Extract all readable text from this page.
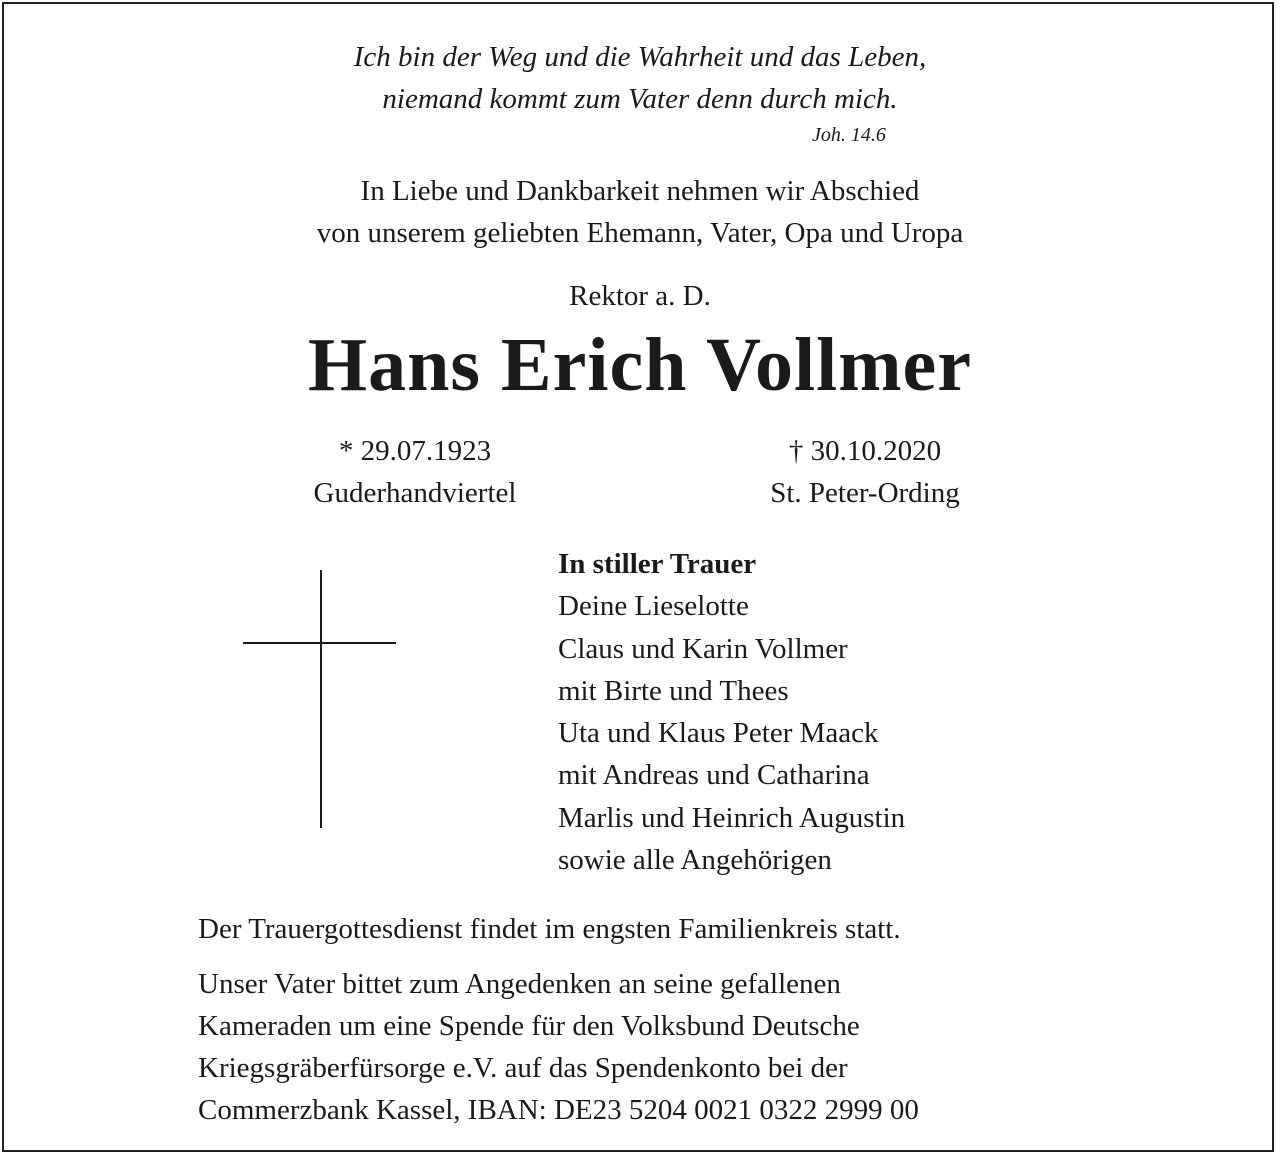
Ich bin der Weg und die Wahrheit und das Leben,
niemand kommt zum Vater denn durch mich.
Joh. 14.6
In Liebe und Dankbarkeit nehmen wir Abschied
von unserem geliebten Ehemann, Vater, Opa und Uropa
Rektor a. D.
Hans Erich Vollmer
* 29.07.1923
Guderhandviertel
† 30.10.2020
St. Peter-Ording
In stiller Trauer
Deine Lieselotte
Claus und Karin Vollmer
mit Birte und Thees
Uta und Klaus Peter Maack
mit Andreas und Catharina
Marlis und Heinrich Augustin
sowie alle Angehörigen
Der Trauergottesdienst findet im engsten Familienkreis statt.
Unser Vater bittet zum Angedenken an seine gefallenen
Kameraden um eine Spende für den Volksbund Deutsche
Kriegsgräberfürsorge e.V. auf das Spendenkonto bei der
Commerzbank Kassel, IBAN: DE23 5204 0021 0322 2999 00
